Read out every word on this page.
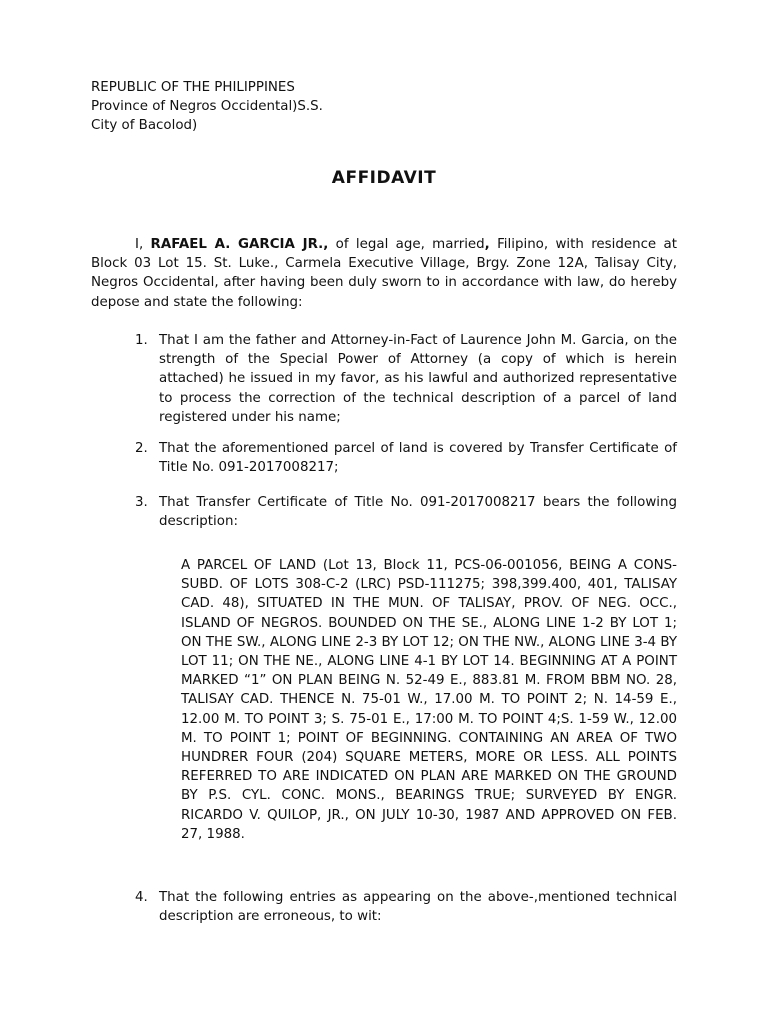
REPUBLIC OF THE PHILIPPINES
Province of Negros Occidental)S.S.
City of Bacolod)
AFFIDAVIT

I, RAFAEL A. GARCIA JR., of legal age, married, Filipino, with residence at Block 03 Lot 15. St. Luke., Carmela Executive Village, Brgy. Zone 12A, Talisay City, Negros Occidental, after having been duly sworn to in accordance with law, do hereby depose and state the following:

1. That I am the father and Attorney-in-Fact of Laurence John M. Garcia, on the strength of the Special Power of Attorney (a copy of which is herein attached) he issued in my favor, as his lawful and authorized representative to process the correction of the technical description of a parcel of land registered under his name;

2. That the aforementioned parcel of land is covered by Transfer Certificate of Title No. 091-2017008217;

3. That Transfer Certificate of Title No. 091-2017008217 bears the following description:

A PARCEL OF LAND (Lot 13, Block 11, PCS-06-001056, BEING A CONS-SUBD. OF LOTS 308-C-2 (LRC) PSD-111275; 398,399.400, 401, TALISAY CAD. 48), SITUATED IN THE MUN. OF TALISAY, PROV. OF NEG. OCC., ISLAND OF NEGROS. BOUNDED ON THE SE., ALONG LINE 1-2 BY LOT 1; ON THE SW., ALONG LINE 2-3 BY LOT 12; ON THE NW., ALONG LINE 3-4 BY LOT 11; ON THE NE., ALONG LINE 4-1 BY LOT 14. BEGINNING AT A POINT MARKED “1” ON PLAN BEING N. 52-49 E., 883.81 M. FROM BBM NO. 28, TALISAY CAD. THENCE N. 75-01 W., 17.00 M. TO POINT 2; N. 14-59 E., 12.00 M. TO POINT 3; S. 75-01 E., 17:00 M. TO POINT 4;S. 1-59 W., 12.00 M. TO POINT 1; POINT OF BEGINNING. CONTAINING AN AREA OF TWO HUNDRER FOUR (204) SQUARE METERS, MORE OR LESS. ALL POINTS REFERRED TO ARE INDICATED ON PLAN ARE MARKED ON THE GROUND BY P.S. CYL. CONC. MONS., BEARINGS TRUE; SURVEYED BY ENGR. RICARDO V. QUILOP, JR., ON JULY 10-30, 1987 AND APPROVED ON FEB. 27, 1988.

4. That the following entries as appearing on the above-,mentioned technical description are erroneous, to wit:
